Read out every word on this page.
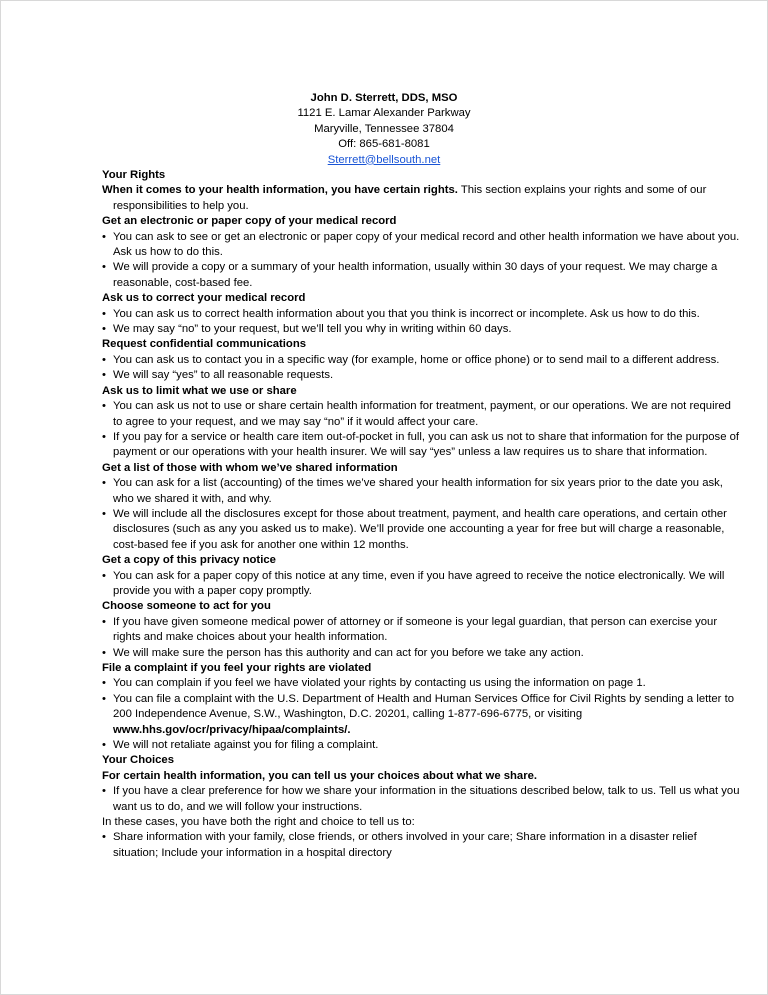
John D. Sterrett, DDS, MSO
1121 E. Lamar Alexander Parkway
Maryville, Tennessee 37804
Off: 865-681-8081
Sterrett@bellsouth.net
Your Rights
When it comes to your health information, you have certain rights. This section explains your rights and some of our responsibilities to help you.
Get an electronic or paper copy of your medical record
• You can ask to see or get an electronic or paper copy of your medical record and other health information we have about you. Ask us how to do this.
• We will provide a copy or a summary of your health information, usually within 30 days of your request. We may charge a reasonable, cost-based fee.
Ask us to correct your medical record
• You can ask us to correct health information about you that you think is incorrect or incomplete. Ask us how to do this.
• We may say “no” to your request, but we’ll tell you why in writing within 60 days.
Request confidential communications
• You can ask us to contact you in a specific way (for example, home or office phone) or to send mail to a different address.
• We will say “yes” to all reasonable requests.
Ask us to limit what we use or share
• You can ask us not to use or share certain health information for treatment, payment, or our operations. We are not required to agree to your request, and we may say “no” if it would affect your care.
• If you pay for a service or health care item out-of-pocket in full, you can ask us not to share that information for the purpose of payment or our operations with your health insurer. We will say “yes” unless a law requires us to share that information.
Get a list of those with whom we’ve shared information
• You can ask for a list (accounting) of the times we’ve shared your health information for six years prior to the date you ask, who we shared it with, and why.
• We will include all the disclosures except for those about treatment, payment, and health care operations, and certain other disclosures (such as any you asked us to make). We’ll provide one accounting a year for free but will charge a reasonable, cost-based fee if you ask for another one within 12 months.
Get a copy of this privacy notice
• You can ask for a paper copy of this notice at any time, even if you have agreed to receive the notice electronically. We will provide you with a paper copy promptly.
Choose someone to act for you
• If you have given someone medical power of attorney or if someone is your legal guardian, that person can exercise your rights and make choices about your health information.
• We will make sure the person has this authority and can act for you before we take any action.
File a complaint if you feel your rights are violated
• You can complain if you feel we have violated your rights by contacting us using the information on page 1.
• You can file a complaint with the U.S. Department of Health and Human Services Office for Civil Rights by sending a letter to 200 Independence Avenue, S.W., Washington, D.C. 20201, calling 1-877-696-6775, or visiting
www.hhs.gov/ocr/privacy/hipaa/complaints/.
• We will not retaliate against you for filing a complaint.
Your Choices
For certain health information, you can tell us your choices about what we share.
• If you have a clear preference for how we share your information in the situations described below, talk to us. Tell us what you want us to do, and we will follow your instructions.
In these cases, you have both the right and choice to tell us to:
• Share information with your family, close friends, or others involved in your care; Share information in a disaster relief situation; Include your information in a hospital directory
